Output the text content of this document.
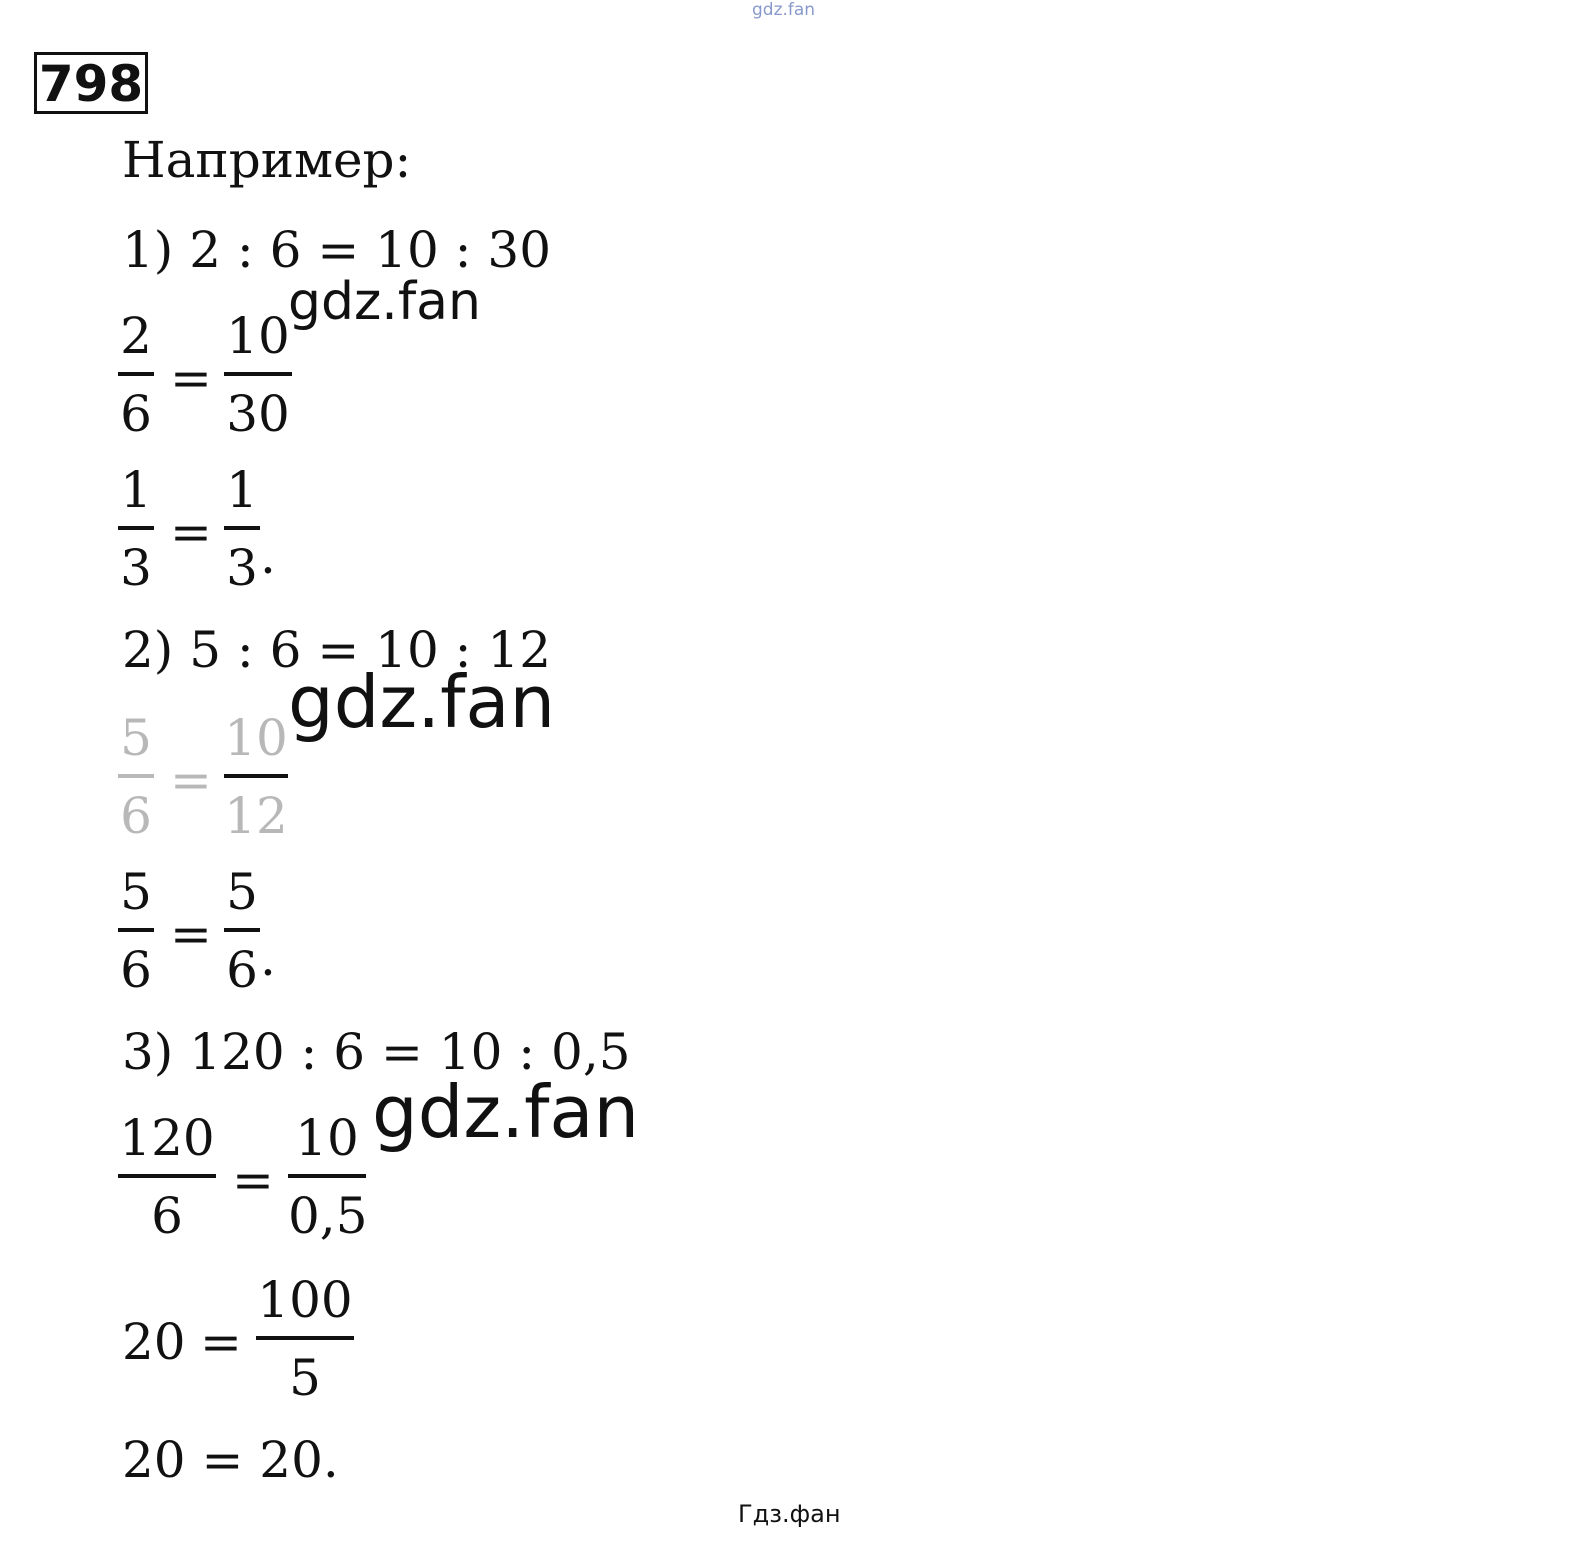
gdz.fan
798
Например:
1) 2 : 6 = 10 : 30
2
6
=
10
30
gdz.fan
1
3
=
1
3 .
2) 5 : 6 = 10 : 12
5
6
=
10
12
gdz.fan
5
6
=
5
6 .
3) 120 : 6 = 10 : 0,5
gdz.fan
120
6
=
10
0,5
20 =
100
5
20 = 20.
Гдз.фан
